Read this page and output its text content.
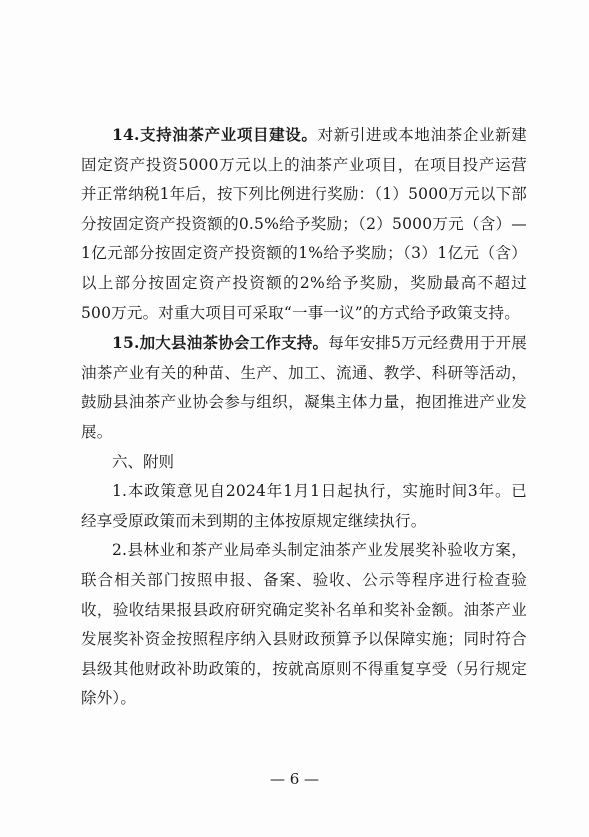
14.支持油茶产业项目建设。对新引进或本地油茶企业新建固定资产投资5000万元以上的油茶产业项目，在项目投产运营并正常纳税1年后，按下列比例进行奖励：（1）5000万元以下部分按固定资产投资额的0.5%给予奖励；（2）5000万元（含）—1亿元部分按固定资产投资额的1%给予奖励；（3）1亿元（含）以上部分按固定资产投资额的2%给予奖励，奖励最高不超过500万元。对重大项目可采取“一事一议”的方式给予政策支持。

15.加大县油茶协会工作支持。每年安排5万元经费用于开展油茶产业有关的种苗、生产、加工、流通、教学、科研等活动，鼓励县油茶产业协会参与组织，凝集主体力量，抱团推进产业发展。

六、附则

1.本政策意见自2024年1月1日起执行，实施时间3年。已经享受原政策而未到期的主体按原规定继续执行。

2.县林业和茶产业局牵头制定油茶产业发展奖补验收方案，联合相关部门按照申报、备案、验收、公示等程序进行检查验收，验收结果报县政府研究确定奖补名单和奖补金额。油茶产业发展奖补资金按照程序纳入县财政预算予以保障实施；同时符合县级其他财政补助政策的，按就高原则不得重复享受（另行规定除外）。

— 6 —
